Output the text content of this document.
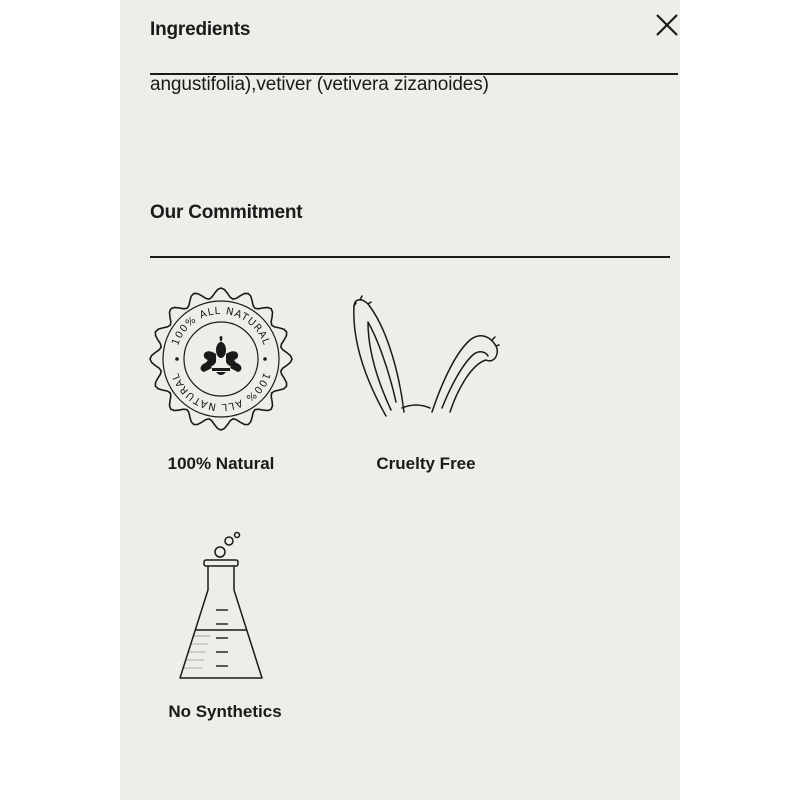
Ingredients
angustifolia),vetiver (vetivera zizanoides)
Our Commitment
100% ALL NATURAL
100% ALL NATURAL
100% Natural	Cruelty Free
No Synthetics
